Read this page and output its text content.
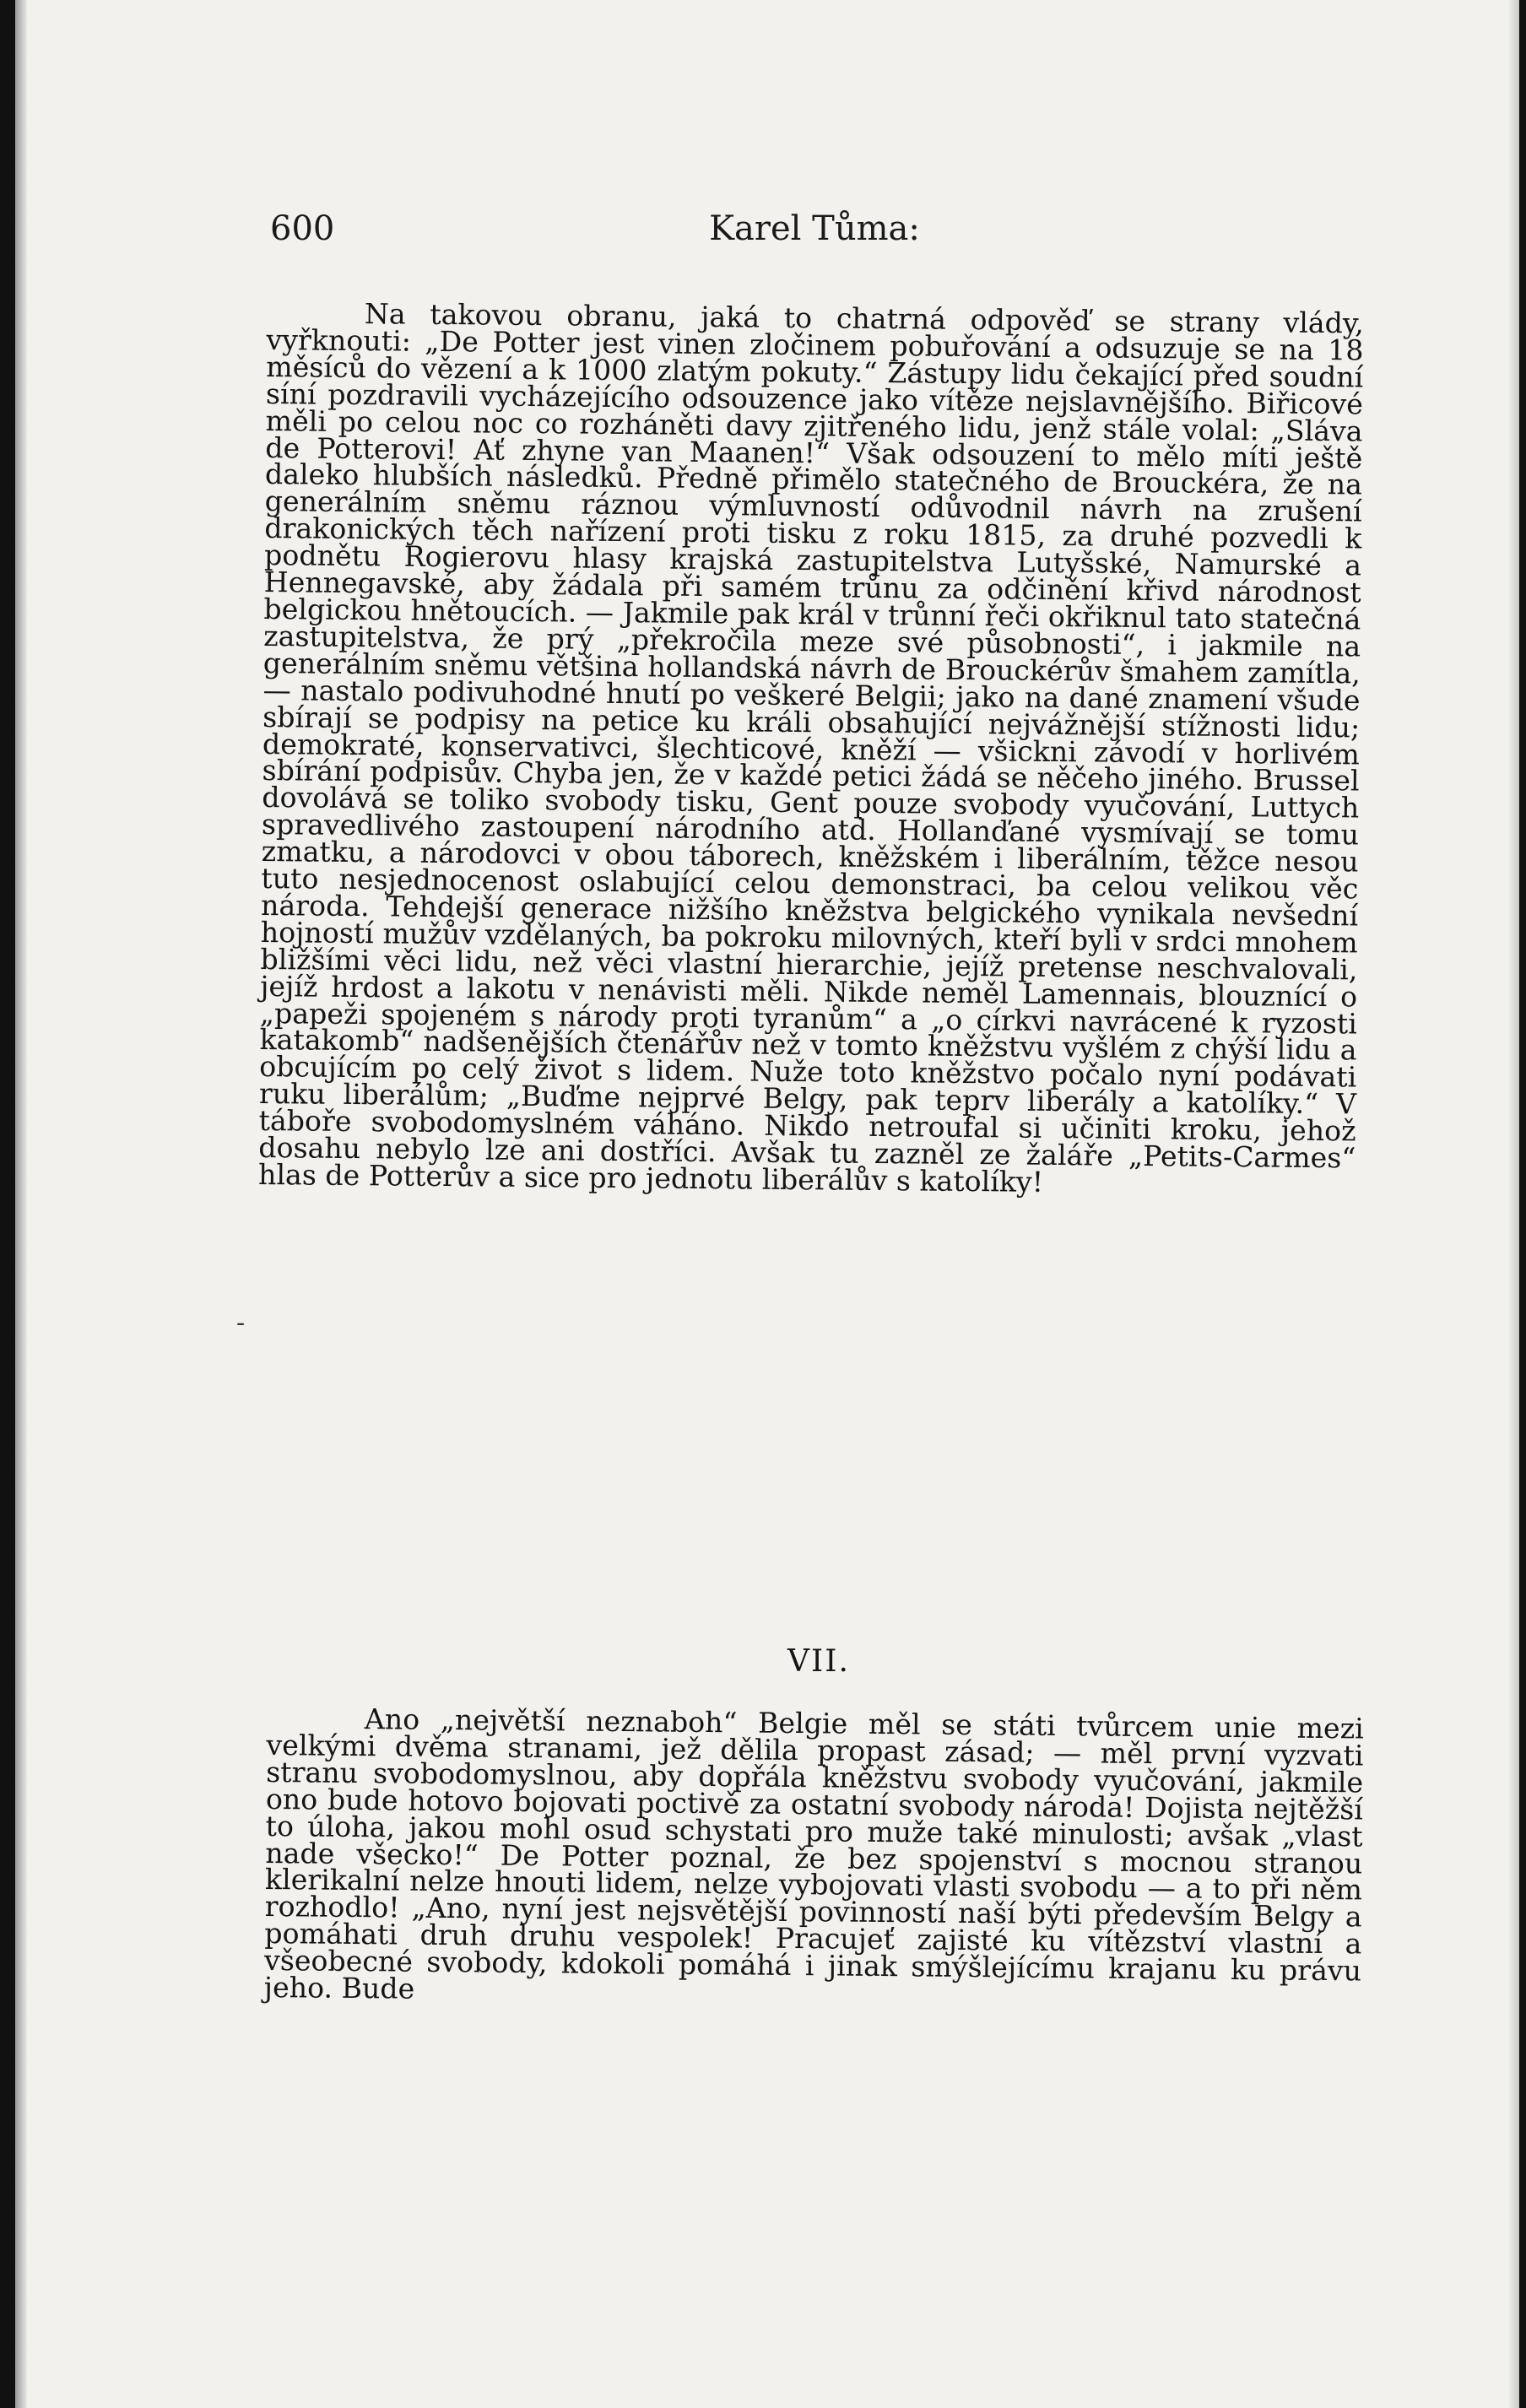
600	Karel Tůma:

Na takovou obranu, jaká to chatrná odpověď se strany vlády, vyřknouti: „De Potter jest vinen zločinem pobuřování a odsuzuje se na 18 měsíců do vězení a k 1000 zlatým pokuty.“ Zástupy lidu čekající před soudní síní pozdravili vycházejícího odsouzence jako vítěze nejslavnějšího. Biřicové měli po celou noc co rozháněti davy zjitřeného lidu, jenž stále volal: „Sláva de Potterovi! Ať zhyne van Maanen!“ Však odsouzení to mělo míti ještě daleko hlubších následků. Předně přimělo statečného de Brouckéra, že na generálním sněmu ráznou výmluvností odůvodnil návrh na zrušení drakonických těch nařízení proti tisku z roku 1815, za druhé pozvedli k podnětu Rogierovu hlasy krajská zastupitelstva Lutyšské, Namurské a Hennegavské, aby žádala při samém trůnu za odčinění křivd národnost belgickou hnětoucích. — Jakmile pak král v trůnní řeči okřiknul tato statečná zastupitelstva, že prý „překročila meze své působnosti“, i jakmile na generálním sněmu většina hollandská návrh de Brouckérův šmahem zamítla, — nastalo podivuhodné hnutí po veškeré Belgii; jako na dané znamení všude sbírají se podpisy na petice ku králi obsahující nejvážnější stížnosti lidu; demokraté, konservativci, šlechticové, kněží — všickni závodí v horlivém sbírání podpisův. Chyba jen, že v každé petici žádá se něčeho jiného. Brussel dovolává se toliko svobody tisku, Gent pouze svobody vyučování, Luttych spravedlivého zastoupení národního atd. Hollanďané vysmívají se tomu zmatku, a národovci v obou táborech, kněžském i liberálním, těžce nesou tuto nesjednocenost oslabující celou demonstraci, ba celou velikou věc národa. Tehdejší generace nižšího kněžstva belgického vynikala nevšední hojností mužův vzdělaných, ba pokroku milovných, kteří byli v srdci mnohem bližšími věci lidu, než věci vlastní hierarchie, jejíž pretense neschvalovali, jejíž hrdost a lakotu v nenávisti měli. Nikde neměl Lamennais, blouznící o „papeži spojeném s národy proti tyranům“ a „o církvi navrácené k ryzosti katakomb“ nadšenějších čtenářův než v tomto kněžstvu vyšlém z chýší lidu a obcujícím po celý život s lidem. Nuže toto kněžstvo počalo nyní podávati ruku liberálům; „Buďme nejprvé Belgy, pak teprv liberály a katolíky.“ V táboře svobodomyslném váháno. Nikdo netroufal si učiniti kroku, jehož dosahu nebylo lze ani dostříci. Avšak tu zazněl ze žaláře „Petits-Carmes“ hlas de Potterův a sice pro jednotu liberálův s katolíky!

-
VII.

Ano „největší neznaboh“ Belgie měl se státi tvůrcem unie mezi velkými dvěma stranami, jež dělila propast zásad; — měl první vyzvati stranu svobodomyslnou, aby dopřála kněžstvu svobody vyučování, jakmile ono bude hotovo bojovati poctivě za ostatní svobody národa! Dojista nejtěžší to úloha, jakou mohl osud schystati pro muže také minulosti; avšak „vlast nade všecko!“ De Potter poznal, že bez spojenství s mocnou stranou klerikalní nelze hnouti lidem, nelze vybojovati vlasti svobodu — a to při něm rozhodlo! „Ano, nyní jest nejsvětější povinností naší býti především Belgy a pomáhati druh druhu vespolek! Pracujeť zajisté ku vítězství vlastní a všeobecné svobody, kdokoli pomáhá i jinak smýšlejícímu krajanu ku právu jeho. Bude
